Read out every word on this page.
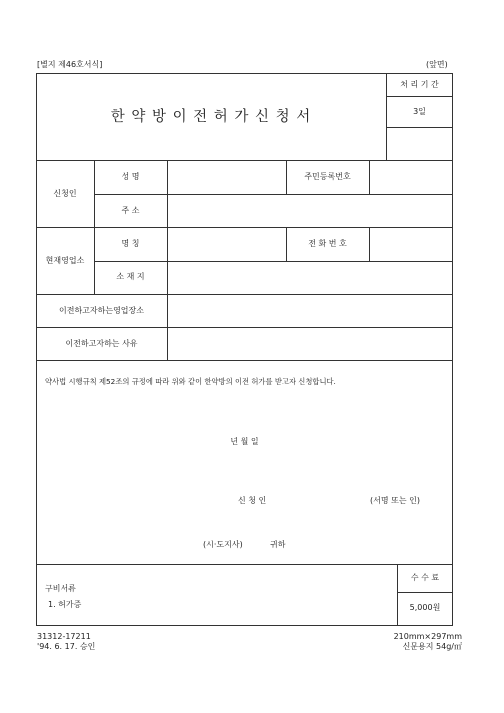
[별지 제46호서식]	(앞면)
한 약 방 이 전 허 가 신 청 서
처 리 기 간
3일
신청인
성 명	주민등록번호
주 소
현재영업소
명 칭	전 화 번 호
소 재 지
이전하고자하는영업장소
이전하고자하는 사유
약사법 시행규칙 제52조의 규정에 따라 위와 같이 한약방의 이전 허가를 받고자 신청합니다.
년 월 일
신 청 인	(서명 또는 인)
(시·도지사)	귀하
구비서류
1. 허가증
수 수 료
5,000원
31312-17211
'94. 6. 17. 승인
210mm×297mm
신문용지 54g/㎡
